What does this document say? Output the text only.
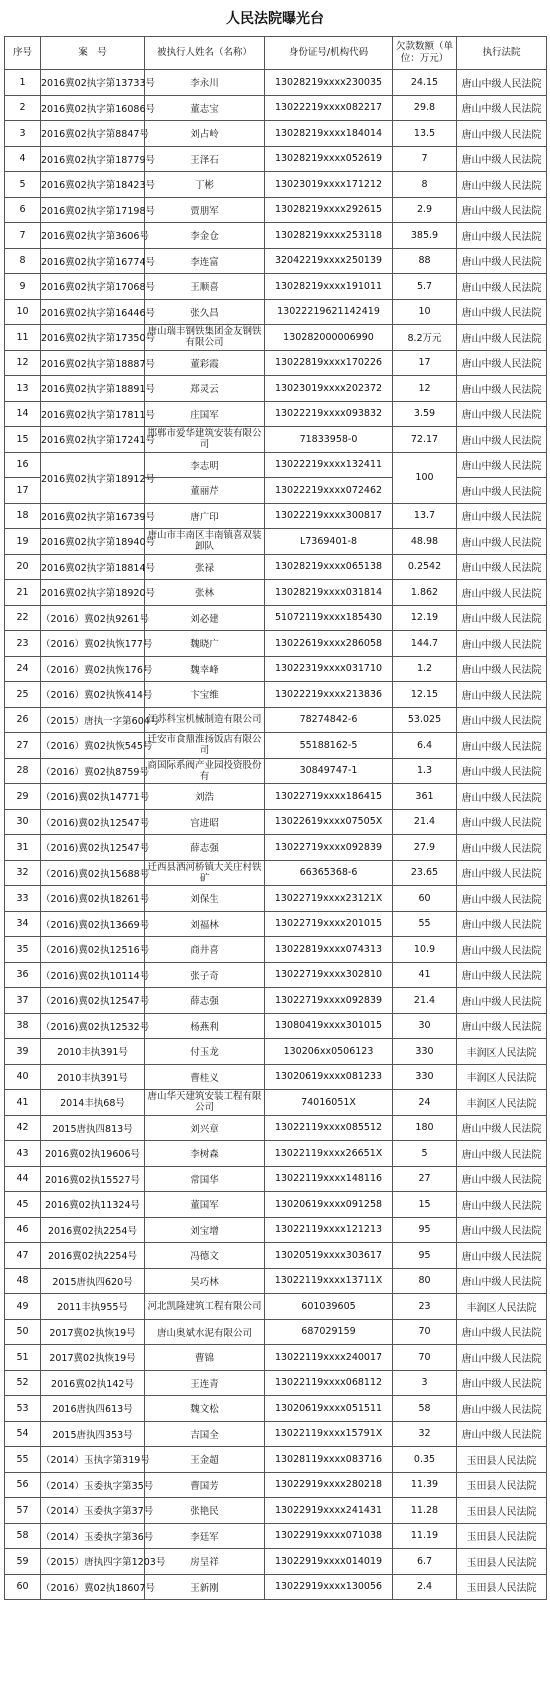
人民法院曝光台
序号	案　号	被执行人姓名（名称）	身份证号/机构代码	欠款数额（单位：万元）	执行法院
1	2016冀02执字第13733号	李永川	13028219xxxx230035	24.15	唐山中级人民法院
2	2016冀02执字第16086号	董志宝	13022219xxxx082217	29.8	唐山中级人民法院
3	2016冀02执字第8847号	刘占岭	13028219xxxx184014	13.5	唐山中级人民法院
4	2016冀02执字第18779号	王泽石	13028219xxxx052619	7	唐山中级人民法院
5	2016冀02执字第18423号	丁彬	13023019xxxx171212	8	唐山中级人民法院
6	2016冀02执字第17198号	贾朋军	13028219xxxx292615	2.9	唐山中级人民法院
7	2016冀02执字第3606号	李金仓	13028219xxxx253118	385.9	唐山中级人民法院
8	2016冀02执字第16774号	李连富	32042219xxxx250139	88	唐山中级人民法院
9	2016冀02执字第17068号	王顺喜	13028219xxxx191011	5.7	唐山中级人民法院
10	2016冀02执字第16446号	张久昌	13022219621142419	10	唐山中级人民法院
11	2016冀02执字第17350号	唐山瑞丰钢铁集团金友钢铁有限公司	130282000006990	8.2万元	唐山中级人民法院
12	2016冀02执字第18887号	董彩霞	13022819xxxx170226	17	唐山中级人民法院
13	2016冀02执字第18891号	郑灵云	13023019xxxx202372	12	唐山中级人民法院
14	2016冀02执字第17811号	庄国军	13022219xxxx093832	3.59	唐山中级人民法院
15	2016冀02执字第17241号	邯郸市爱华建筑安装有限公司	71833958-0	72.17	唐山中级人民法院
16	2016冀02执字第18912号	李志明	13022219xxxx132411	100	唐山中级人民法院
17		董丽芹	13022219xxxx072462		唐山中级人民法院
18	2016冀02执字第16739号	唐广印	13022219xxxx300817	13.7	唐山中级人民法院
19	2016冀02执字第18940号	唐山市丰南区丰南镇喜双装卸队	L7369401-8	48.98	唐山中级人民法院
20	2016冀02执字第18814号	张禄	13028219xxxx065138	0.2542	唐山中级人民法院
21	2016冀02执字第18920号	张林	13028219xxxx031814	1.862	唐山中级人民法院
22	（2016）冀02执9261号	刘必建	51072119xxxx185430	12.19	唐山中级人民法院
23	（2016）冀02执恢177号	魏晓广	13022619xxxx286058	144.7	唐山中级人民法院
24	（2016）冀02执恢176号	魏幸峰	13022319xxxx031710	1.2	唐山中级人民法院
25	（2016）冀02执恢414号	卞宝维	13022219xxxx213836	12.15	唐山中级人民法院
26	（2015）唐执一字第604号	江苏科宝机械制造有限公司	78274842-6	53.025	唐山中级人民法院
27	（2016）冀02执恢545号	迁安市食鼎淮扬饭店有限公司	55188162-5	6.4	唐山中级人民法院
28	（2016）冀02执8759号	商国际系阀产业园投资股份有	30849747-1	1.3	唐山中级人民法院
29	（2016)冀02执14771号	刘浩	13022719xxxx186415	361	唐山中级人民法院
30	（2016)冀02执12547号	宫进昭	13022619xxxx07505X	21.4	唐山中级人民法院
31	（2016)冀02执12547号	薛志强	13022719xxxx092839	27.9	唐山中级人民法院
32	（2016)冀02执15688号	迁西县洒河桥镇大关庄村铁矿	66365368-6	23.65	唐山中级人民法院
33	（2016)冀02执18261号	刘保生	13022719xxxx23121X	60	唐山中级人民法院
34	（2016)冀02执13669号	刘福林	13022719xxxx201015	55	唐山中级人民法院
35	（2016)冀02执12516号	商井喜	13022819xxxx074313	10.9	唐山中级人民法院
36	（2016)冀02执10114号	张子奇	13022719xxxx302810	41	唐山中级人民法院
37	（2016)冀02执12547号	薛志强	13022719xxxx092839	21.4	唐山中级人民法院
38	（2016)冀02执12532号	杨燕利	13080419xxxx301015	30	唐山中级人民法院
39	2010丰执391号	付玉龙	130206xx0506123	330	丰润区人民法院
40	2010丰执391号	曹桂义	13020619xxxx081233	330	丰润区人民法院
41	2014丰执68号	唐山华天建筑安装工程有限公司	74016051X	24	丰润区人民法院
42	2015唐执四813号	刘兴章	13022119xxxx085512	180	唐山中级人民法院
43	2016冀02执19606号	李树森	13022119xxxx26651X	5	唐山中级人民法院
44	2016冀02执15527号	常国华	13022119xxxx148116	27	唐山中级人民法院
45	2016冀02执11324号	董国军	13020619xxxx091258	15	唐山中级人民法院
46	2016冀02执2254号	刘宝增	13022119xxxx121213	95	唐山中级人民法院
47	2016冀02执2254号	冯德文	13020519xxxx303617	95	唐山中级人民法院
48	2015唐执四620号	吴巧林	13022119xxxx13711X	80	唐山中级人民法院
49	2011丰执955号	河北凯隆建筑工程有限公司	601039605	23	丰润区人民法院
50	2017冀02执恢19号	唐山奥斌水泥有限公司	687029159	70	唐山中级人民法院
51	2017冀02执恢19号	曹锦	13022119xxxx240017	70	唐山中级人民法院
52	2016冀02执142号	王连青	13022119xxxx068112	3	唐山中级人民法院
53	2016唐执四613号	魏文松	13020619xxxx051511	58	唐山中级人民法院
54	2015唐执四353号	吉国全	13022119xxxx15791X	32	唐山中级人民法院
55	（2014）玉执字第319号	王金超	13028119xxxx083716	0.35	玉田县人民法院
56	（2014）玉委执字第35号	曹国芳	13022919xxxx280218	11.39	玉田县人民法院
57	（2014）玉委执字第37号	张艳民	13022919xxxx241431	11.28	玉田县人民法院
58	（2014）玉委执字第36号	李廷军	13022919xxxx071038	11.19	玉田县人民法院
59	（2015）唐执四字第1203号	房呈祥	13022919xxxx014019	6.7	玉田县人民法院
60	（2016）冀02执18607号	王新刚	13022919xxxx130056	2.4	玉田县人民法院
